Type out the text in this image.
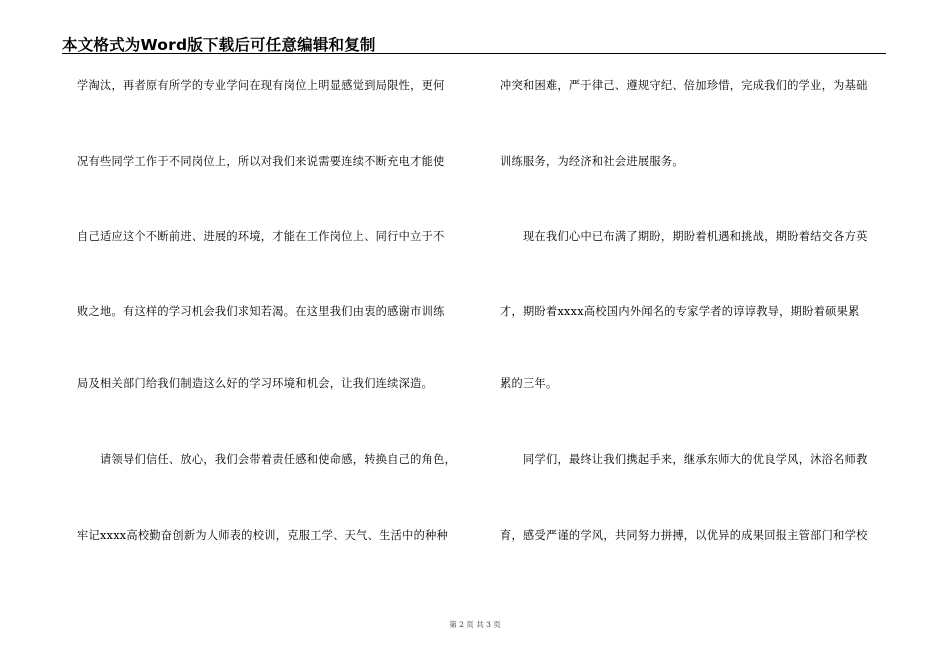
本文格式为Word版下载后可任意编辑和复制
学淘汰，再者原有所学的专业学问在现有岗位上明显感觉到局限性，更何
况有些同学工作于不同岗位上，所以对我们来说需要连续不断充电才能使
自己适应这个不断前进、进展的环境，才能在工作岗位上、同行中立于不
败之地。有这样的学习机会我们求知若渴。在这里我们由衷的感谢市训练
局及相关部门给我们制造这么好的学习环境和机会，让我们连续深造。
请领导们信任、放心，我们会带着责任感和使命感，转换自己的角色，
牢记xxxx高校勤奋创新为人师表的校训，克服工学、天气、生活中的种种
冲突和困难，严于律己、遵规守纪、倍加珍惜，完成我们的学业，为基础
训练服务，为经济和社会进展服务。
现在我们心中已布满了期盼，期盼着机遇和挑战，期盼着结交各方英
才，期盼着xxxx高校国内外闻名的专家学者的谆谆教导，期盼着硕果累
累的三年。
同学们，最终让我们携起手来，继承东师大的优良学风，沐浴名师教
育，感受严谨的学风，共同努力拼搏，以优异的成果回报主管部门和学校
第 2 页 共 3 页
